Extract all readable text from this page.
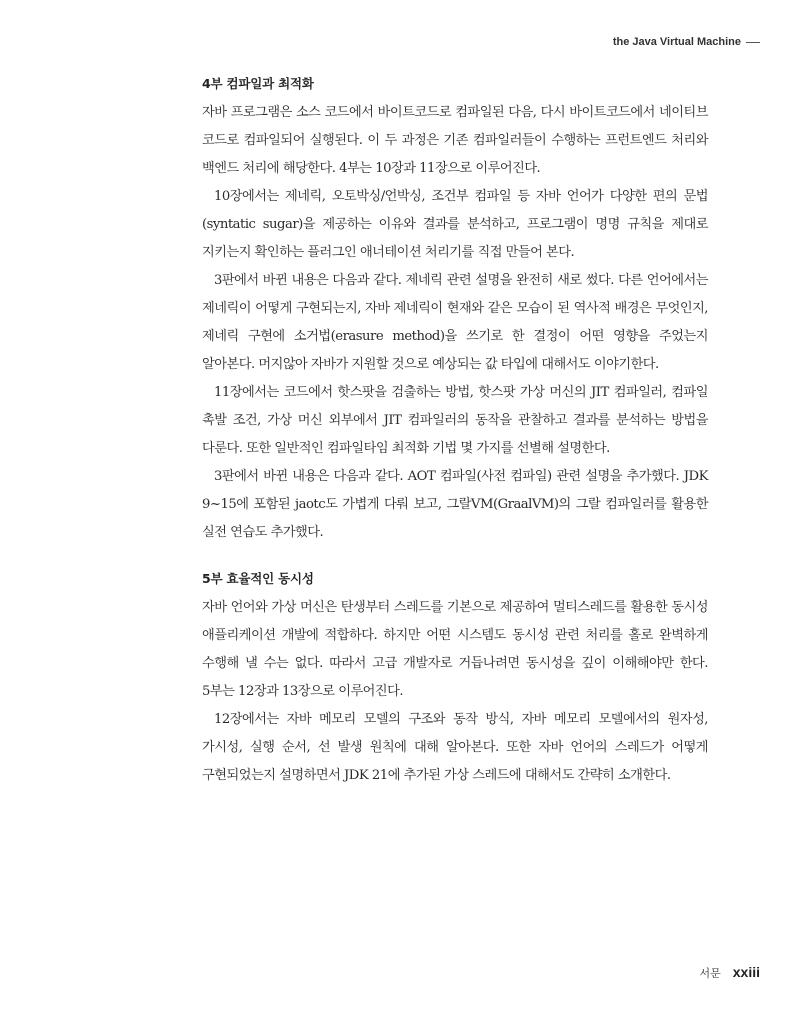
the Java Virtual Machine
4부 컴파일과 최적화

자바 프로그램은 소스 코드에서 바이트코드로 컴파일된 다음, 다시 바이트코드에서 네이티브 코드로 컴파일되어 실행된다. 이 두 과정은 기존 컴파일러들이 수행하는 프런트엔드 처리와 백엔드 처리에 해당한다. 4부는 10장과 11장으로 이루어진다.

10장에서는 제네릭, 오토박싱/언박싱, 조건부 컴파일 등 자바 언어가 다양한 편의 문법(syntatic sugar)을 제공하는 이유와 결과를 분석하고, 프로그램이 명명 규칙을 제대로 지키는지 확인하는 플러그인 애너테이션 처리기를 직접 만들어 본다.

3판에서 바뀐 내용은 다음과 같다. 제네릭 관련 설명을 완전히 새로 썼다. 다른 언어에서는 제네릭이 어떻게 구현되는지, 자바 제네릭이 현재와 같은 모습이 된 역사적 배경은 무엇인지, 제네릭 구현에 소거법(erasure method)을 쓰기로 한 결정이 어떤 영향을 주었는지 알아본다. 머지않아 자바가 지원할 것으로 예상되는 값 타입에 대해서도 이야기한다.

11장에서는 코드에서 핫스팟을 검출하는 방법, 핫스팟 가상 머신의 JIT 컴파일러, 컴파일 촉발 조건, 가상 머신 외부에서 JIT 컴파일러의 동작을 관찰하고 결과를 분석하는 방법을 다룬다. 또한 일반적인 컴파일타임 최적화 기법 몇 가지를 선별해 설명한다.

3판에서 바뀐 내용은 다음과 같다. AOT 컴파일(사전 컴파일) 관련 설명을 추가했다. JDK 9~15에 포함된 jaotc도 가볍게 다뤄 보고, 그랄VM(GraalVM)의 그랄 컴파일러를 활용한 실전 연습도 추가했다.

5부 효율적인 동시성

자바 언어와 가상 머신은 탄생부터 스레드를 기본으로 제공하여 멀티스레드를 활용한 동시성 애플리케이션 개발에 적합하다. 하지만 어떤 시스템도 동시성 관련 처리를 홀로 완벽하게 수행해 낼 수는 없다. 따라서 고급 개발자로 거듭나려면 동시성을 깊이 이해해야만 한다. 5부는 12장과 13장으로 이루어진다.

12장에서는 자바 메모리 모델의 구조와 동작 방식, 자바 메모리 모델에서의 원자성, 가시성, 실행 순서, 선 발생 원칙에 대해 알아본다. 또한 자바 언어의 스레드가 어떻게 구현되었는지 설명하면서 JDK 21에 추가된 가상 스레드에 대해서도 간략히 소개한다.

서문 xxiii
